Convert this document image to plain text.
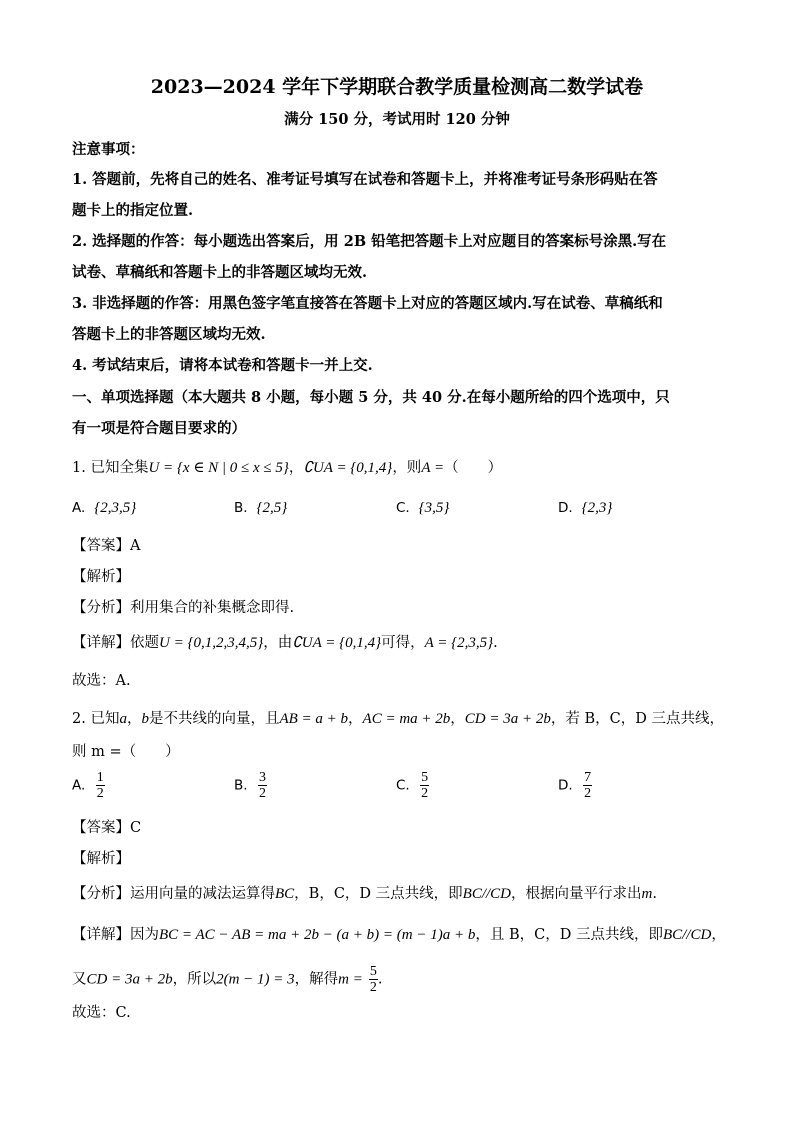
2023—2024 学年下学期联合教学质量检测高二数学试卷
满分 150 分，考试用时 120 分钟
注意事项：
1. 答题前，先将自己的姓名、准考证号填写在试卷和答题卡上，并将准考证号条形码贴在答
题卡上的指定位置.
2. 选择题的作答：每小题选出答案后，用 2B 铅笔把答题卡上对应题目的答案标号涂黑.写在
试卷、草稿纸和答题卡上的非答题区域均无效.
3. 非选择题的作答：用黑色签字笔直接答在答题卡上对应的答题区域内.写在试卷、草稿纸和
答题卡上的非答题区域均无效.
4. 考试结束后，请将本试卷和答题卡一并上交.
一、单项选择题（本大题共 8 小题，每小题 5 分，共 40 分.在每小题所给的四个选项中，只
有一项是符合题目要求的）
1. 已知全集U = {x ∈ N | 0 ≤ x ≤ 5}，∁UA = {0,1,4}，则A =（　　）
A. {2,3,5}	B. {2,5}	C. {3,5}	D. {2,3}
【答案】A
【解析】
【分析】利用集合的补集概念即得.
【详解】依题U = {0,1,2,3,4,5}，由∁UA = {0,1,4}可得，A = {2,3,5}.
故选：A.
2. 已知a，b是不共线的向量，且AB = a + b，AC = ma + 2b，CD = 3a + 2b，若 B，C，D 三点共线，
则 m =（　　）
A. $\frac{1}{2}$	B. $\frac{3}{2}$	C. $\frac{5}{2}$	D. $\frac{7}{2}$
【答案】C
【解析】
【分析】运用向量的减法运算得BC，B，C，D 三点共线，即BC//CD，根据向量平行求出m.
【详解】因为BC = AC − AB = ma + 2b − (a + b) = (m − 1)a + b，且 B，C，D 三点共线，即BC//CD，
又CD = 3a + 2b，所以2(m − 1) = 3，解得$m = \frac{5}{2}$ .
故选：C.
